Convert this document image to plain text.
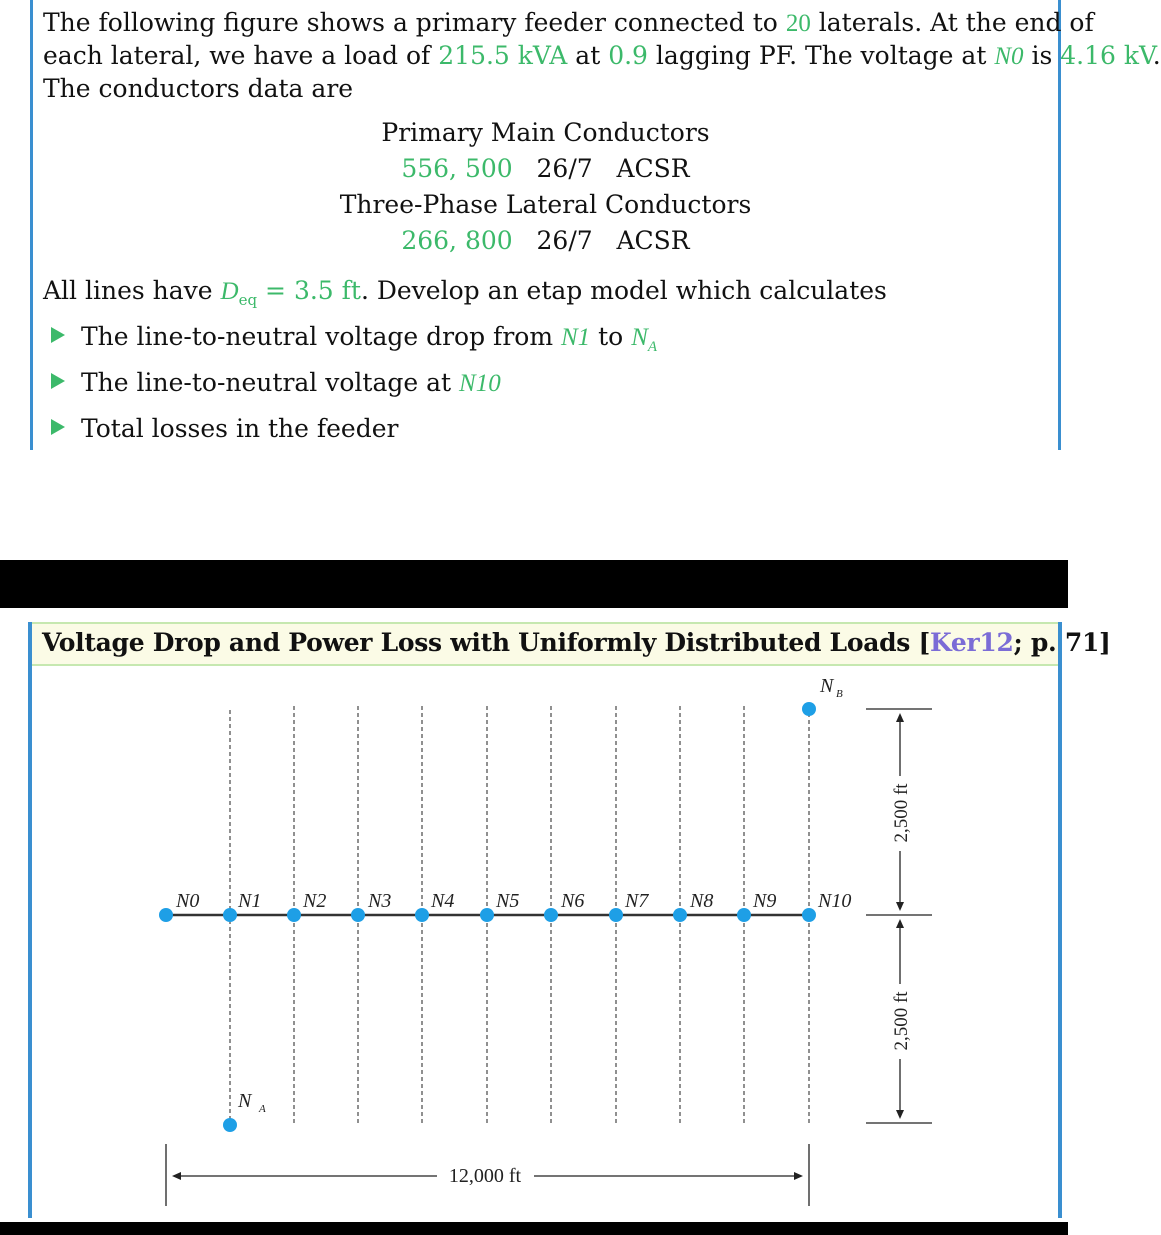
The following figure shows a primary feeder connected to 20 laterals. At the end of
each lateral, we have a load of 215.5 kVA at 0.9 lagging PF. The voltage at N0 is 4.16 kV.
The conductors data are
Primary Main Conductors
556, 500 26/7 ACSR
Three-Phase Lateral Conductors
266, 800 26/7 ACSR
All lines have $D_{eq} = 3.5$ ft. Develop an etap model which calculates
The line-to-neutral voltage drop from N1 to $N_A$
The line-to-neutral voltage at N10
Total losses in the feeder
Voltage Drop and Power Loss with Uniformly Distributed Loads [Ker12; p. 71]
N0 N1 N2 N3 N4 N5 N6 N7 N8 N9 N10
N A
N B
2,500 ft
2,500 ft
12,000 ft
